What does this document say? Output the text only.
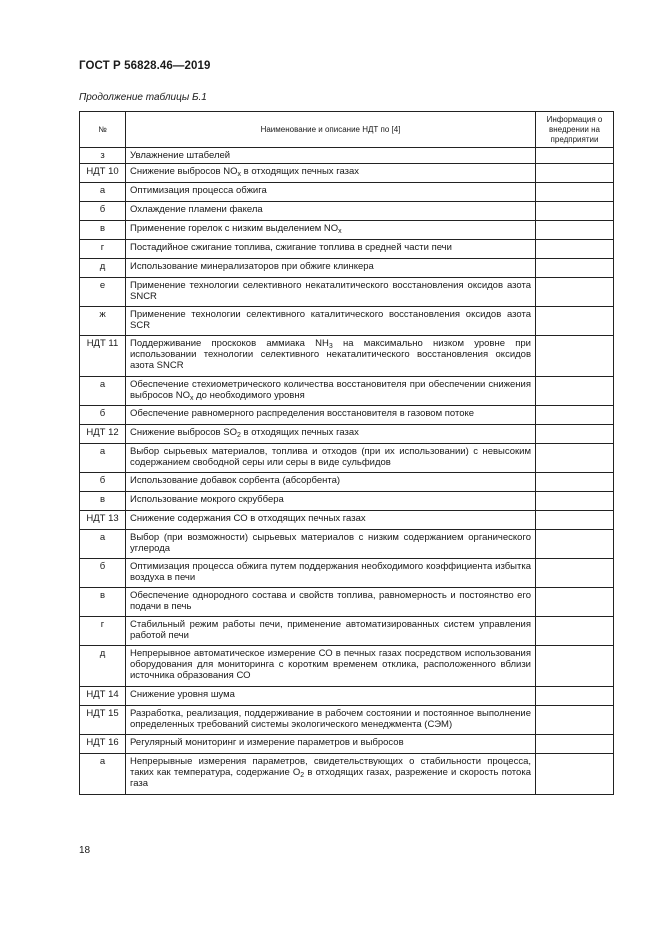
ГОСТ Р 56828.46—2019
Продолжение таблицы Б.1
№	Наименование и описание НДТ по [4]	Информация о внедрении на предприятии
з	Увлажнение штабелей	
НДТ 10	Снижение выбросов $NO_x$ в отходящих печных газах	
а	Оптимизация процесса обжига	
б	Охлаждение пламени факела	
в	Применение горелок с низким выделением $NO_x$	
г	Постадийное сжигание топлива, сжигание топлива в средней части печи	
д	Использование минерализаторов при обжиге клинкера	
е	Применение технологии селективного некаталитического восстановления оксидов азота SNCR	
ж	Применение технологии селективного каталитического восстановления оксидов азота SCR	
НДТ 11	Поддерживание проскоков аммиака $NH_3$ на максимально низком уровне при использовании технологии селективного некаталитического восстановления оксидов азота SNCR	
а	Обеспечение стехиометрического количества восстановителя при обеспечении снижения выбросов $NO_x$ до необходимого уровня	
б	Обеспечение равномерного распределения восстановителя в газовом потоке	
НДТ 12	Снижение выбросов $SO_2$ в отходящих печных газах	
а	Выбор сырьевых материалов, топлива и отходов (при их использовании) с невысоким содержанием свободной серы или серы в виде сульфидов	
б	Использование добавок сорбента (абсорбента)	
в	Использование мокрого скруббера	
НДТ 13	Снижение содержания СО в отходящих печных газах	
а	Выбор (при возможности) сырьевых материалов с низким содержанием органического углерода	
б	Оптимизация процесса обжига путем поддержания необходимого коэффициента избытка воздуха в печи	
в	Обеспечение однородного состава и свойств топлива, равномерность и постоянство его подачи в печь	
г	Стабильный режим работы печи, применение автоматизированных систем управления работой печи	
д	Непрерывное автоматическое измерение СО в печных газах посредством использования оборудования для мониторинга с коротким временем отклика, расположенного вблизи источника образования СО	
НДТ 14	Снижение уровня шума	
НДТ 15	Разработка, реализация, поддерживание в рабочем состоянии и постоянное выполнение определенных требований системы экологического менеджмента (СЭМ)	
НДТ 16	Регулярный мониторинг и измерение параметров и выбросов	
а	Непрерывные измерения параметров, свидетельствующих о стабильности процесса, таких как температура, содержание $O_2$ в отходящих газах, разрежение и скорость потока газа	
18
